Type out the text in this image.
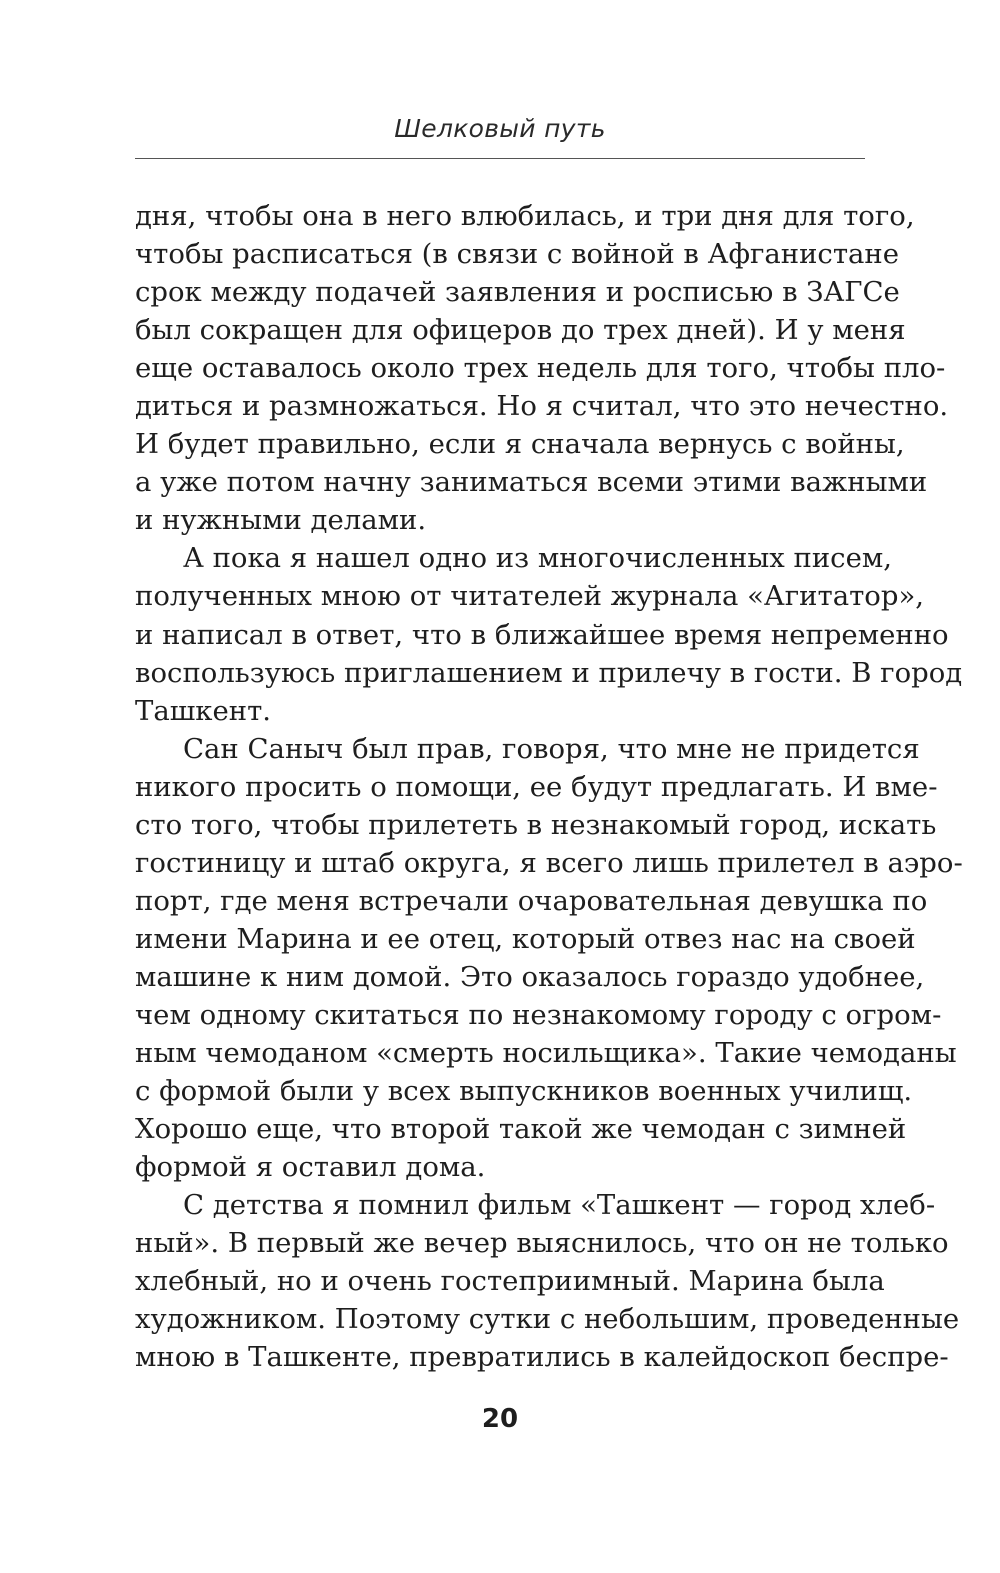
Шелковый путь
дня, чтобы она в него влюбилась, и три дня для того,
чтобы расписаться (в связи с войной в Афганистане
срок между подачей заявления и росписью в ЗАГСе
был сокращен для офицеров до трех дней). И у меня
еще оставалось около трех недель для того, чтобы пло-
диться и размножаться. Но я считал, что это нечестно.
И будет правильно, если я сначала вернусь с войны,
а уже потом начну заниматься всеми этими важными
и нужными делами.
А пока я нашел одно из многочисленных писем,
полученных мною от читателей журнала «Агитатор»,
и написал в ответ, что в ближайшее время непременно
воспользуюсь приглашением и прилечу в гости. В город
Ташкент.
Сан Саныч был прав, говоря, что мне не придется
никого просить о помощи, ее будут предлагать. И вме-
сто того, чтобы прилететь в незнакомый город, искать
гостиницу и штаб округа, я всего лишь прилетел в аэро-
порт, где меня встречали очаровательная девушка по
имени Марина и ее отец, который отвез нас на своей
машине к ним домой. Это оказалось гораздо удобнее,
чем одному скитаться по незнакомому городу с огром-
ным чемоданом «смерть носильщика». Такие чемоданы
с формой были у всех выпускников военных училищ.
Хорошо еще, что второй такой же чемодан с зимней
формой я оставил дома.
С детства я помнил фильм «Ташкент — город хлеб-
ный». В первый же вечер выяснилось, что он не только
хлебный, но и очень гостеприимный. Марина была
художником. Поэтому сутки с небольшим, проведенные
мною в Ташкенте, превратились в калейдоскоп беспре-
20
